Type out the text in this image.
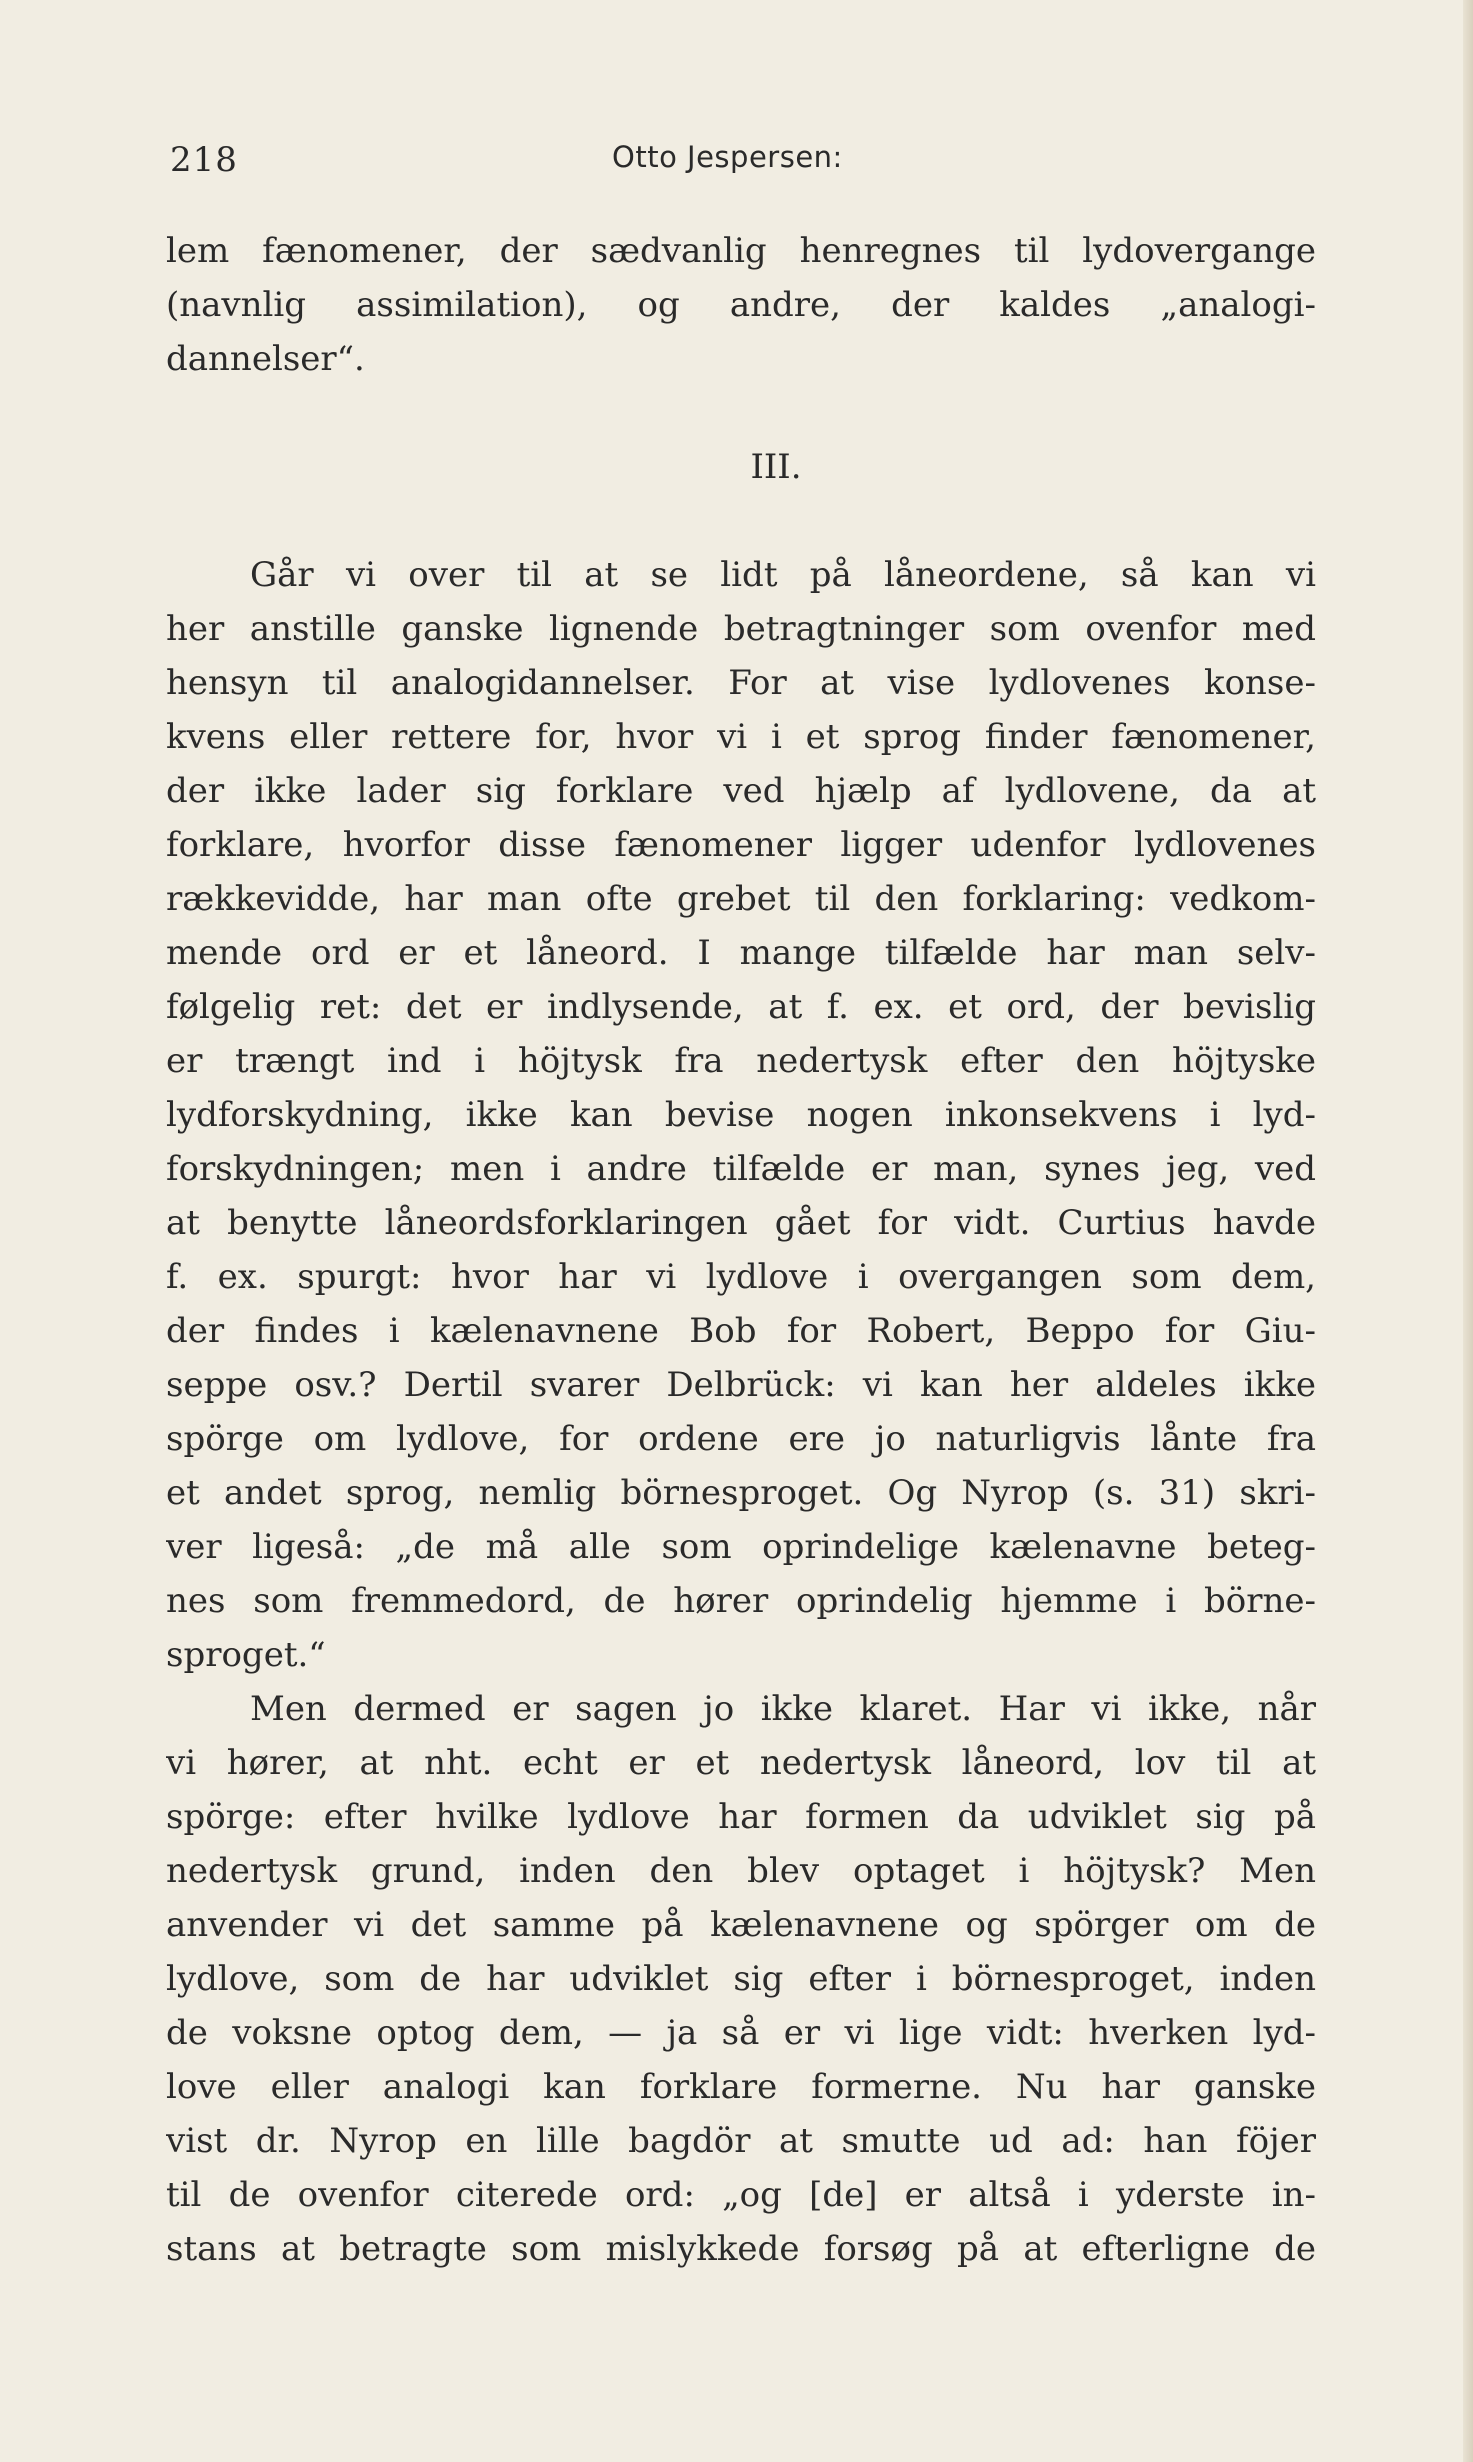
218	Otto Jespersen:
lem fænomener, der sædvanlig henregnes til lydovergange
(navnlig assimilation), og andre, der kaldes „analogi-
dannelser“.
III.
Går vi over til at se lidt på låneordene, så kan vi
her anstille ganske lignende betragtninger som ovenfor med
hensyn til analogidannelser. For at vise lydlovenes konse-
kvens eller rettere for, hvor vi i et sprog finder fænomener,
der ikke lader sig forklare ved hjælp af lydlovene, da at
forklare, hvorfor disse fænomener ligger udenfor lydlovenes
rækkevidde, har man ofte grebet til den forklaring: vedkom-
mende ord er et låneord. I mange tilfælde har man selv-
følgelig ret: det er indlysende, at f. ex. et ord, der bevislig
er trængt ind i höjtysk fra nedertysk efter den höjtyske
lydforskydning, ikke kan bevise nogen inkonsekvens i lyd-
forskydningen; men i andre tilfælde er man, synes jeg, ved
at benytte låneordsforklaringen gået for vidt. Curtius havde
f. ex. spurgt: hvor har vi lydlove i overgangen som dem,
der findes i kælenavnene Bob for Robert, Beppo for Giu-
seppe osv.? Dertil svarer Delbrück: vi kan her aldeles ikke
spörge om lydlove, for ordene ere jo naturligvis lånte fra
et andet sprog, nemlig börnesproget. Og Nyrop (s. 31) skri-
ver ligeså: „de må alle som oprindelige kælenavne beteg-
nes som fremmedord, de hører oprindelig hjemme i börne-
sproget.“
Men dermed er sagen jo ikke klaret. Har vi ikke, når
vi hører, at nht. echt er et nedertysk låneord, lov til at
spörge: efter hvilke lydlove har formen da udviklet sig på
nedertysk grund, inden den blev optaget i höjtysk? Men
anvender vi det samme på kælenavnene og spörger om de
lydlove, som de har udviklet sig efter i börnesproget, inden
de voksne optog dem, — ja så er vi lige vidt: hverken lyd-
love eller analogi kan forklare formerne. Nu har ganske
vist dr. Nyrop en lille bagdör at smutte ud ad: han föjer
til de ovenfor citerede ord: „og [de] er altså i yderste in-
stans at betragte som mislykkede forsøg på at efterligne de
